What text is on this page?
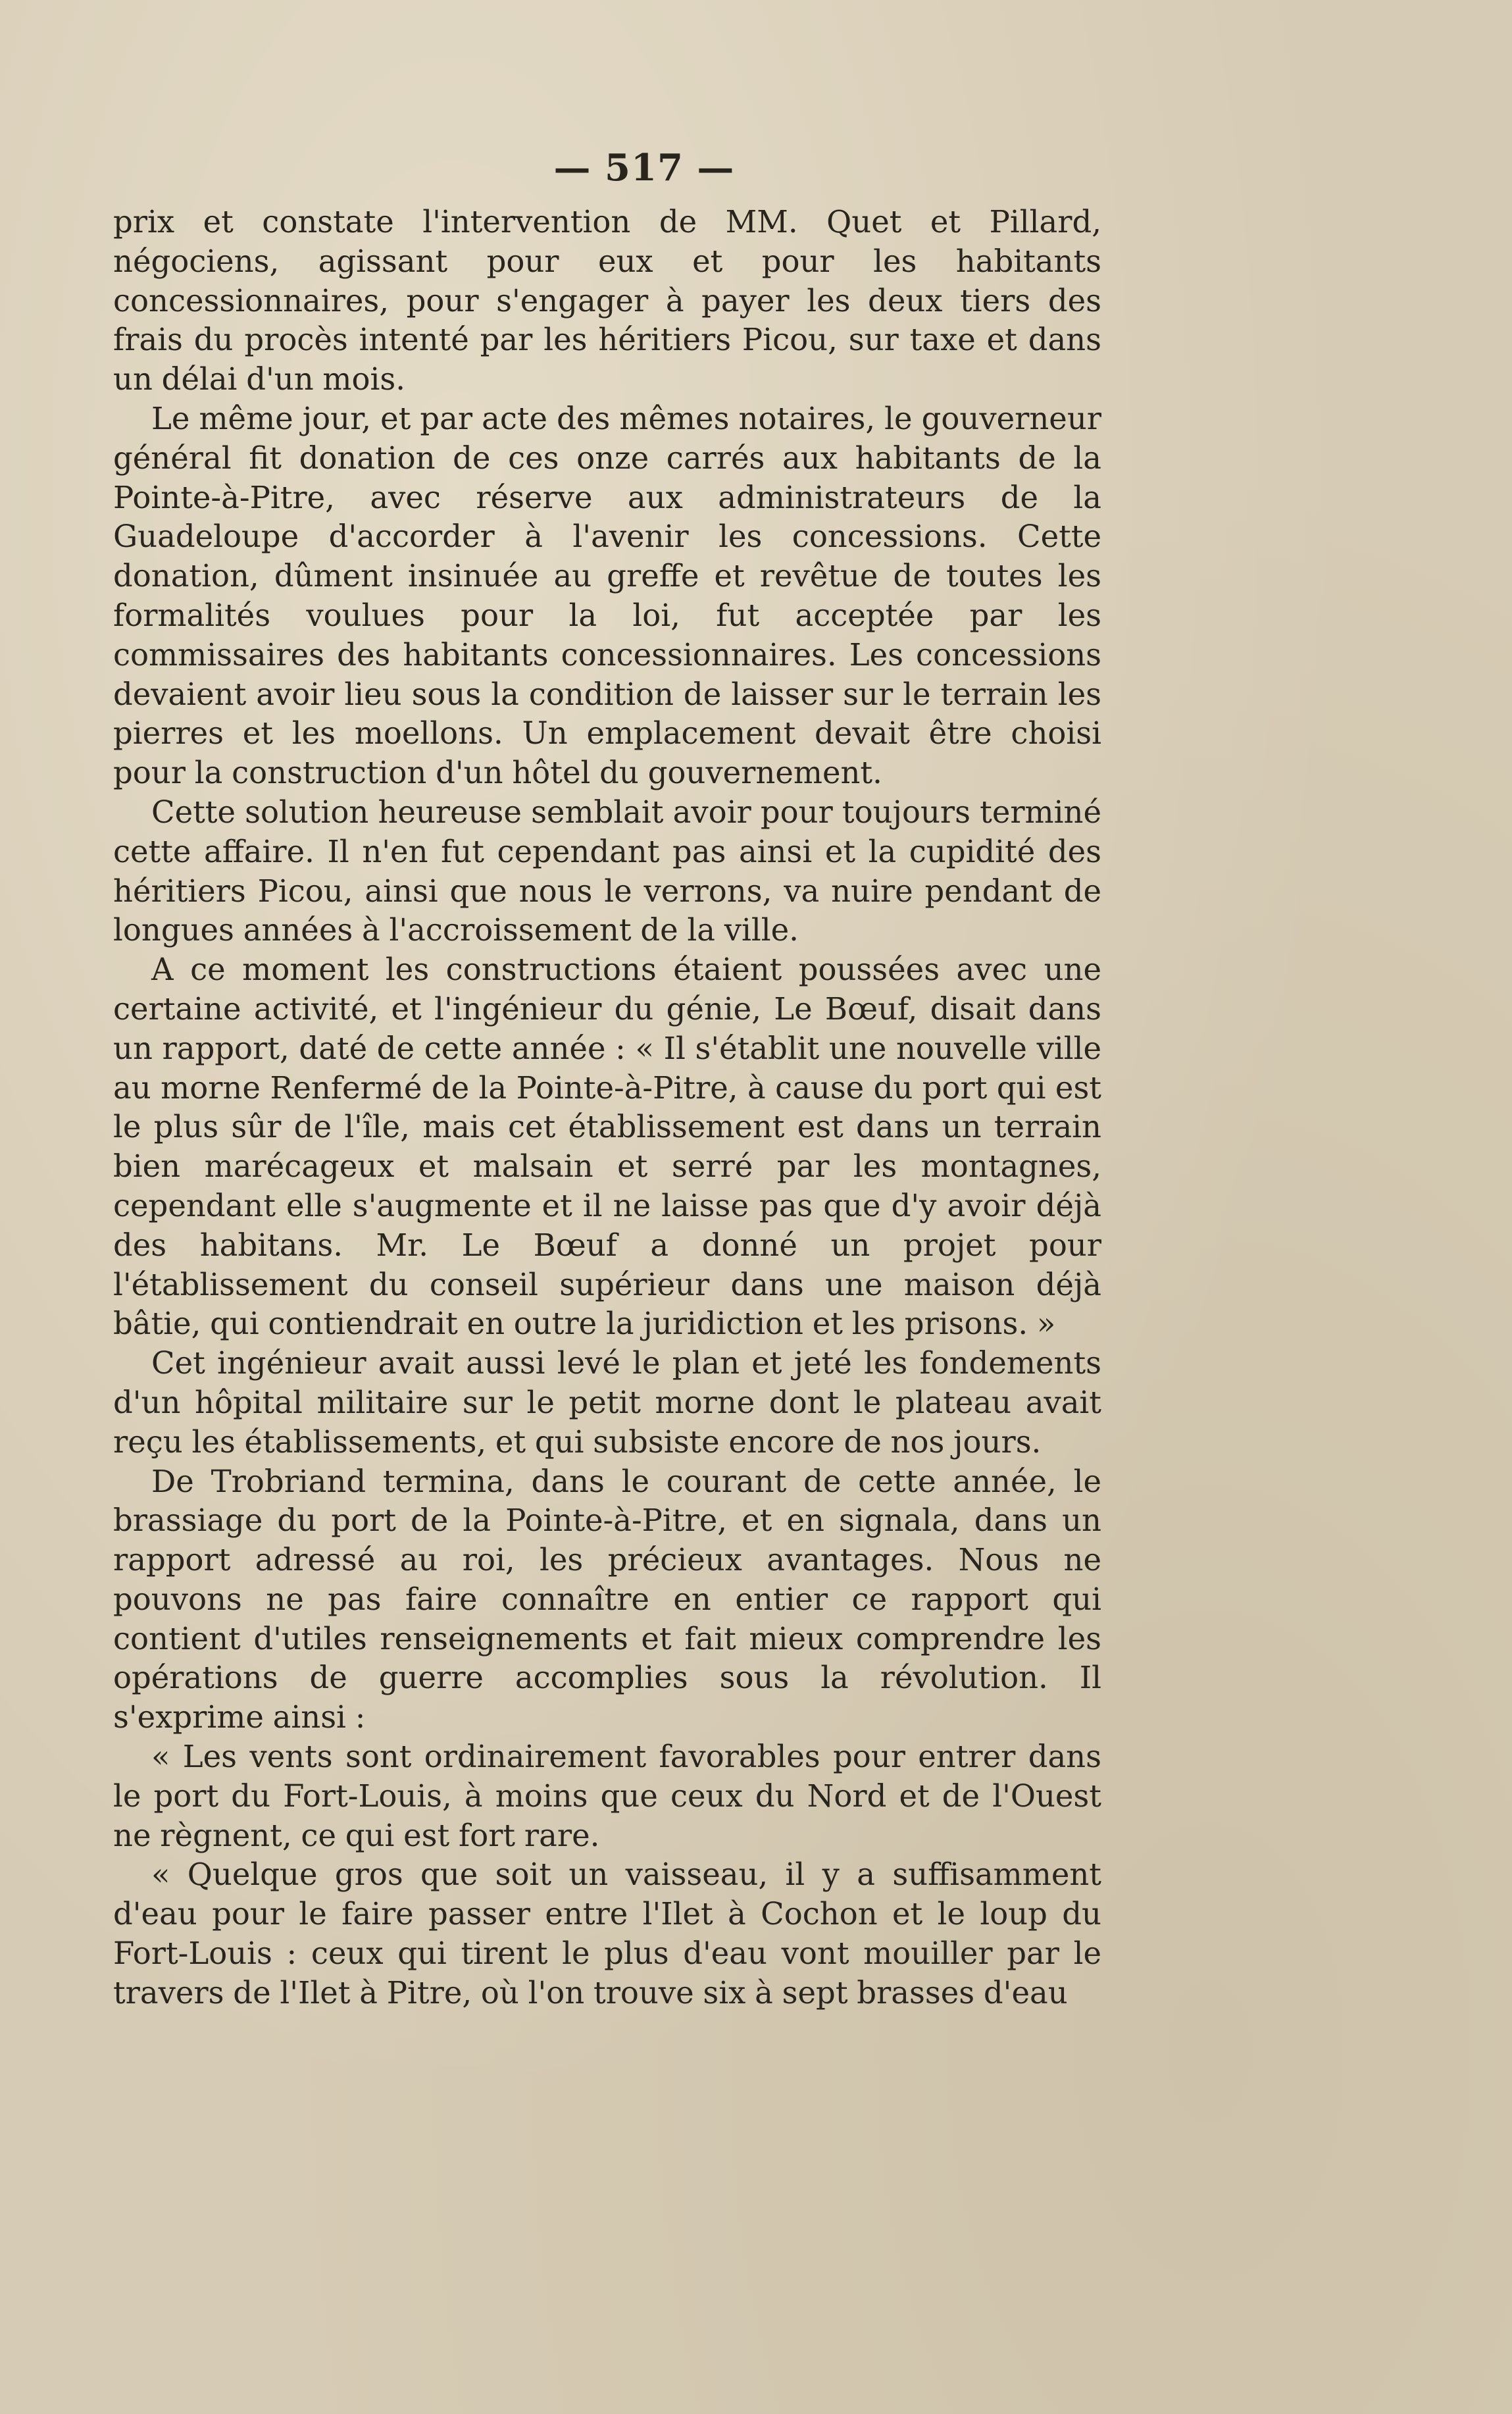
— 517 —

prix et constate l'intervention de MM. Quet et Pillard, négociens, agissant pour eux et pour les habitants concessionnaires, pour s'engager à payer les deux tiers des frais du procès intenté par les héritiers Picou, sur taxe et dans un délai d'un mois.

Le même jour, et par acte des mêmes notaires, le gouverneur général fit donation de ces onze carrés aux habitants de la Pointe-à-Pitre, avec réserve aux administrateurs de la Guadeloupe d'accorder à l'avenir les concessions. Cette donation, dûment insinuée au greffe et revêtue de toutes les formalités voulues pour la loi, fut acceptée par les commissaires des habitants concessionnaires. Les concessions devaient avoir lieu sous la condition de laisser sur le terrain les pierres et les moellons. Un emplacement devait être choisi pour la construction d'un hôtel du gouvernement.

Cette solution heureuse semblait avoir pour toujours terminé cette affaire. Il n'en fut cependant pas ainsi et la cupidité des héritiers Picou, ainsi que nous le verrons, va nuire pendant de longues années à l'accroissement de la ville.

A ce moment les constructions étaient poussées avec une certaine activité, et l'ingénieur du génie, Le Bœuf, disait dans un rapport, daté de cette année : « Il s'établit une nouvelle ville au morne Renfermé de la Pointe-à-Pitre, à cause du port qui est le plus sûr de l'île, mais cet établissement est dans un terrain bien marécageux et malsain et serré par les montagnes, cependant elle s'augmente et il ne laisse pas que d'y avoir déjà des habitans. Mr. Le Bœuf a donné un projet pour l'établissement du conseil supérieur dans une maison déjà bâtie, qui contiendrait en outre la juridiction et les prisons. »

Cet ingénieur avait aussi levé le plan et jeté les fondements d'un hôpital militaire sur le petit morne dont le plateau avait reçu les établissements, et qui subsiste encore de nos jours.

De Trobriand termina, dans le courant de cette année, le brassiage du port de la Pointe-à-Pitre, et en signala, dans un rapport adressé au roi, les précieux avantages. Nous ne pouvons ne pas faire connaître en entier ce rapport qui contient d'utiles renseignements et fait mieux comprendre les opérations de guerre accomplies sous la révolution. Il s'exprime ainsi :

« Les vents sont ordinairement favorables pour entrer dans le port du Fort-Louis, à moins que ceux du Nord et de l'Ouest ne règnent, ce qui est fort rare.

« Quelque gros que soit un vaisseau, il y a suffisamment d'eau pour le faire passer entre l'Ilet à Cochon et le loup du Fort-Louis : ceux qui tirent le plus d'eau vont mouiller par le travers de l'Ilet à Pitre, où l'on trouve six à sept brasses d'eau
